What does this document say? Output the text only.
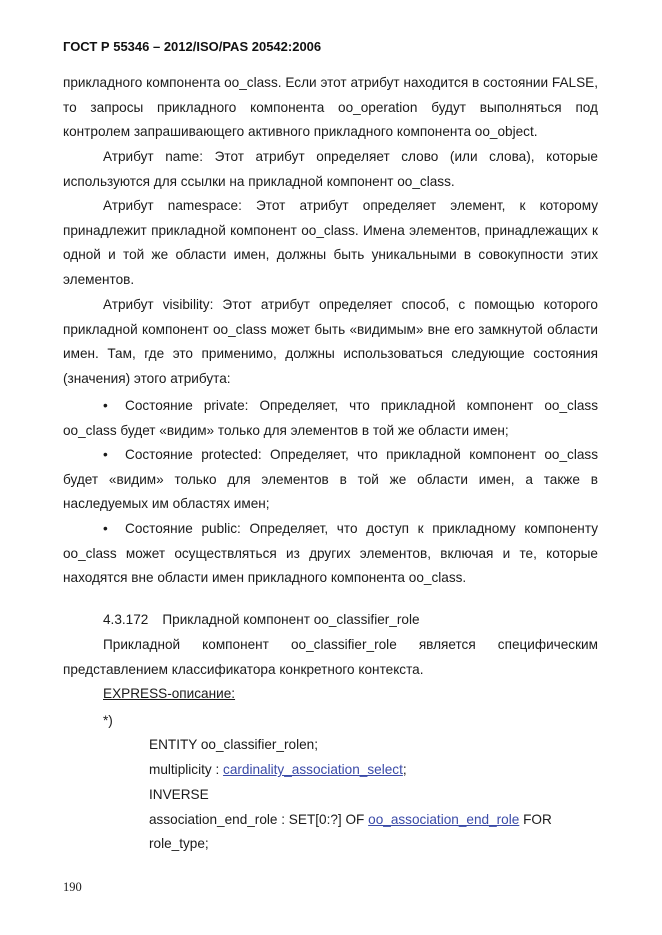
ГОСТ Р 55346 – 2012/ISO/PAS 20542:2006
прикладного компонента oo_class. Если этот атрибут находится в состоянии FALSE, то запросы прикладного компонента oo_operation будут выполняться под контролем запрашивающего активного прикладного компонента oo_object.
Атрибут name: Этот атрибут определяет слово (или слова), которые используются для ссылки на прикладной компонент oo_class.
Атрибут namespace: Этот атрибут определяет элемент, к которому принадлежит прикладной компонент oo_class. Имена элементов, принадлежащих к одной и той же области имен, должны быть уникальными в совокупности этих элементов.
Атрибут visibility: Этот атрибут определяет способ, с помощью которого прикладной компонент oo_class может быть «видимым» вне его замкнутой области имен. Там, где это применимо, должны использоваться следующие состояния (значения) этого атрибута:
• Состояние private: Определяет, что прикладной компонент oo_class oo_class будет «видим» только для элементов в той же области имен;
• Состояние protected: Определяет, что прикладной компонент oo_class будет «видим» только для элементов в той же области имен, а также в наследуемых им областях имен;
• Состояние public: Определяет, что доступ к прикладному компоненту oo_class может осуществляться из других элементов, включая и те, которые находятся вне области имен прикладного компонента oo_class.
4.3.172 Прикладной компонент oo_classifier_role
Прикладной компонент oo_classifier_role является специфическим представлением классификатора конкретного контекста.
EXPRESS-описание:
*)
ENTITY oo_classifier_rolen;
multiplicity : cardinality_association_select;
INVERSE
association_end_role : SET[0:?] OF oo_association_end_role FOR
role_type;
190
